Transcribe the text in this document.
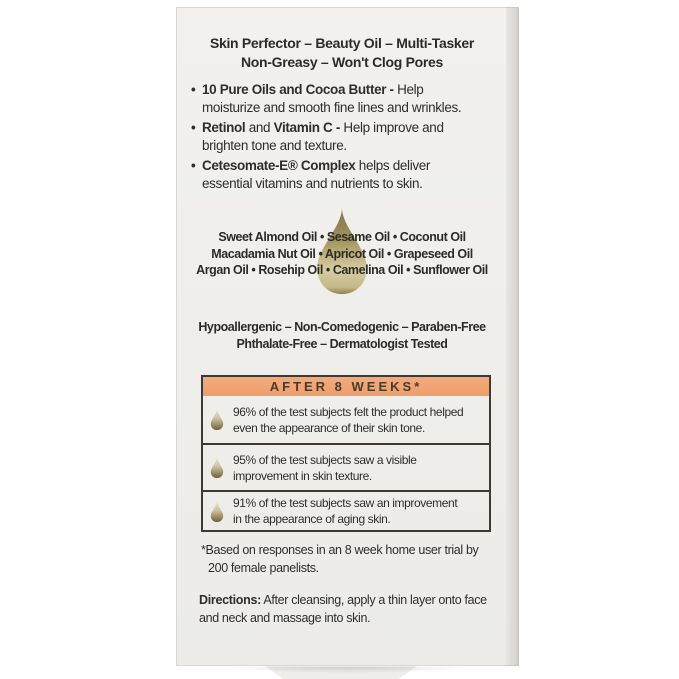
Skin Perfector – Beauty Oil – Multi-Tasker
Non-Greasy – Won't Clog Pores
• 10 Pure Oils and Cocoa Butter - Help
moisturize and smooth fine lines and wrinkles.
• Retinol and Vitamin C - Help improve and
brighten tone and texture.
• Cetesomate-E® Complex helps deliver
essential vitamins and nutrients to skin.
Sweet Almond Oil • Sesame Oil • Coconut Oil
Macadamia Nut Oil • Apricot Oil • Grapeseed Oil
Argan Oil • Rosehip Oil • Camelina Oil • Sunflower Oil
Hypoallergenic – Non-Comedogenic – Paraben-Free
Phthalate-Free – Dermatologist Tested
AFTER 8 WEEKS*
96% of the test subjects felt the product helped
even the appearance of their skin tone.
95% of the test subjects saw a visible
improvement in skin texture.
91% of the test subjects saw an improvement
in the appearance of aging skin.
*Based on responses in an 8 week home user trial by
200 female panelists.
Directions: After cleansing, apply a thin layer onto face
and neck and massage into skin.
